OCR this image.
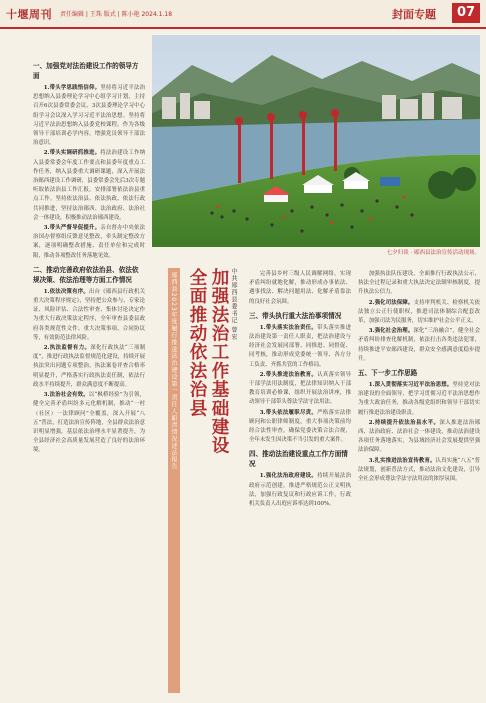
十堰周刊 责任编辑 | 王珠 版式 | 陈小艳 2024.1.18	封面专题	07
七夕归谈 · 郧西县法治宣传活动现场。

一、加强党对法治建设工作的领导方面

1.带头学思践悟信仰。坚持将习近平法治思想纳入县委理论学习中心组学习计划，主持召开6次县委常委会议、3次县委理论学习中心组学习会议深入学习习近平法治思想。坚持将习近平法治思想纳入县委党校课程，作为各级领导干部培训必学内容，增强党员领导干部法治意识。

2.带头实调研抓推进。将法治建设工作纳入县委常委会年度工作要点和县委年度重点工作任务，纳入县委重大调研课题，深入开展法治郧西建设工作调研，县委常委会先后3次专题听取依法治县工作汇报，安排部署依法治县重点工作。坚持依法治县、依法执政、依法行政共同推进，坚持法治郧西、法治政府、法治社会一体建设，积极推动法治郧西建设。

3.带头严督导促提升。亲自督办中央依法治国办督察组反馈意见整改，牵头制定整改方案，逐项明确整改措施、责任单位和完成时限，推动各项整改任务落地见效。

二、推动完善政府依法治县、依法依规决策、依法治理等方面工作情况

1.依法决策有序。出台《郧西县行政机关重大决策程序规定》，坚持把公众参与、专家论证、风险评估、合法性审查、集体讨论决定作为重大行政决策法定程序，全年审查县委县政府各类规范性文件、重大决策事项、合同协议等，有效防范法律风险。

2.执法监督有力。深化行政执法“三项制度”，推进行政执法监督规范化建设，持续开展执法突出问题专项整治，执法案卷评查合格率明显提升，严格落实行政执法责任制，依法行政水平持续提升，群众满意度不断提高。

3.法治社会有效。以“枫桥经验”为引领，健全完善矛盾纠纷多元化解机制，推动“一村（社区）一法律顾问”全覆盖，深入开展“八五”普法，打造法治宣传阵地，全县群众法治意识明显增强，基层依法治理水平显著提升，为全县经济社会高质量发展营造了良好的法治环境。

中共郧西县委书记 曾宏
加强法治工作基础建设
全面推动依法治县
郧西县2023年度履行推进法治建设第一责任人职责情况述法报告	完善县乡村三级人民调解网络，实现矛盾纠纷就地化解，推动形成办事依法、遇事找法、解决问题用法、化解矛盾靠法的良好社会氛围。

三、带头执行重大法治事项情况

1.带头落实法治责任。带头落实推进法治建设第一责任人职责，把法治建设与经济社会发展同部署、同推进、同督促、同考核，推动形成党委统一领导、各方分工负责、齐抓共管的工作格局。

2.带头推进法治教育。认真落实领导干部学法用法制度，把法律知识纳入干部教育培训必修课，组织开展法治讲座，推动领导干部带头尊法学法守法用法。

3.带头依法履职尽责。严格落实法律顾问和公职律师制度，重大事项决策前均经合法性审查，确保党委决策合法合规，全年未发生因决策不当引发的重大案件。

四、推动法治建设重点工作方面情况

1.强化法治政府建设。持续开展法治政府示范创建，推进严格规范公正文明执法，加强行政复议和行政应诉工作，行政机关负责人出庭应诉率达到100%。

加强执法队伍建设，全面推行行政执法公示，执法全过程记录和重大执法决定法制审核制度，提升执法公信力。

2.强化司法保障。支持审判机关、检察机关依法独立公正行使职权，推进司法体制综合配套改革，加强司法为民服务，切实维护社会公平正义。

3.强化社会治理。深化“三治融合”，健全社会矛盾纠纷排查化解机制，依法打击各类违法犯罪，持续推进平安郧西建设，群众安全感满意度稳步提升。

五、下一步工作思路

1.深入贯彻落实习近平法治思想。坚持党对法治建设的全面领导，把学习贯彻习近平法治思想作为重大政治任务，推动各级党组织和领导干部切实履行推进法治建设职责。

2.持续提升依法治县水平。深入推进法治郧西、法治政府、法治社会一体建设，推动法治建设各项任务落地落实，为县域经济社会发展提供坚强法治保障。

3.扎实推进法治宣传教育。认真实施“八五”普法规划，创新普法方式，推动法治文化建设，引导全社会形成尊法学法守法用法的浓厚氛围。
